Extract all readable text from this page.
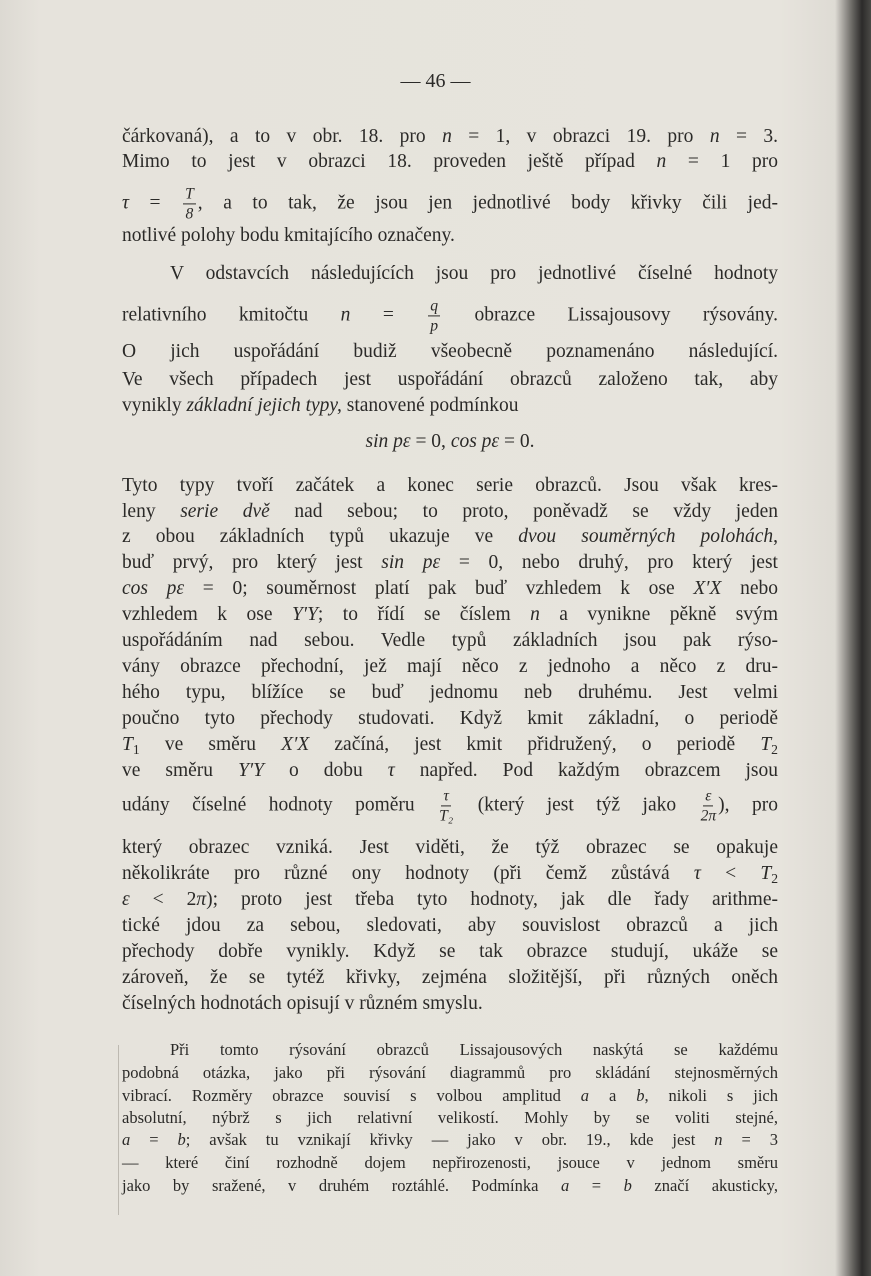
— 46 —
čárkovaná), a to v obr. 18. pro n = 1, v obrazci 19. pro n = 3.
Mimo to jest v obrazci 18. proveden ještě případ n = 1 pro
$\tau = \frac{T}{8}$ , a to tak, že jsou jen jednotlivé body křivky čili jed-
notlivé polohy bodu kmitajícího označeny.
V odstavcích následujících jsou pro jednotlivé číselné hodnoty
relativního kmitočtu $n = \frac{q}{p}$ obrazce Lissajousovy rýsovány.
O jich uspořádání budiž všeobecně poznamenáno následující.
Ve všech případech jest uspořádání obrazců založeno tak, aby
vynikly základní jejich typy, stanovené podmínkou
sin pε = 0, cos pε = 0.
Tyto typy tvoří začátek a konec serie obrazců. Jsou však kres-
leny serie dvě nad sebou; to proto, poněvadž se vždy jeden
z obou základních typů ukazuje ve dvou souměrných polohách,
buď prvý, pro který jest sin pε = 0, nebo druhý, pro který jest
cos pε = 0; souměrnost platí pak buď vzhledem k ose X′X nebo
vzhledem k ose Y′Y; to řídí se číslem n a vynikne pěkně svým
uspořádáním nad sebou. Vedle typů základních jsou pak rýso-
vány obrazce přechodní, jež mají něco z jednoho a něco z dru-
hého typu, blížíce se buď jednomu neb druhému. Jest velmi
poučno tyto přechody studovati. Když kmit základní, o periodě
$T_1$ ve směru X′X začíná, jest kmit přidružený, o periodě $T_2$
ve směru Y′Y o dobu τ napřed. Pod každým obrazcem jsou
udány číselné hodnoty poměru $\frac{\tau}{\text{T₂}}$ (který jest týž jako $\frac{\varepsilon}{2\pi}$ ), pro
který obrazec vzniká. Jest viděti, že týž obrazec se opakuje
několikráte pro různé ony hodnoty (při čemž zůstává $\tau < T_2$
ε < 2π); proto jest třeba tyto hodnoty, jak dle řady arithme-
tické jdou za sebou, sledovati, aby souvislost obrazců a jich
přechody dobře vynikly. Když se tak obrazce studují, ukáže se
zároveň, že se tytéž křivky, zejména složitější, při různých oněch
číselných hodnotách opisují v různém smyslu.
Při tomto rýsování obrazců Lissajousových naskýtá se každému
podobná otázka, jako při rýsování diagrammů pro skládání stejnosměrných
vibrací. Rozměry obrazce souvisí s volbou amplitud a a b, nikoli s jich
absolutní, nýbrž s jich relativní velikostí. Mohly by se voliti stejné,
a = b; avšak tu vznikají křivky — jako v obr. 19., kde jest n = 3
— které činí rozhodně dojem nepřirozenosti, jsouce v jednom směru
jako by sražené, v druhém roztáhlé. Podmínka a = b značí akusticky,
